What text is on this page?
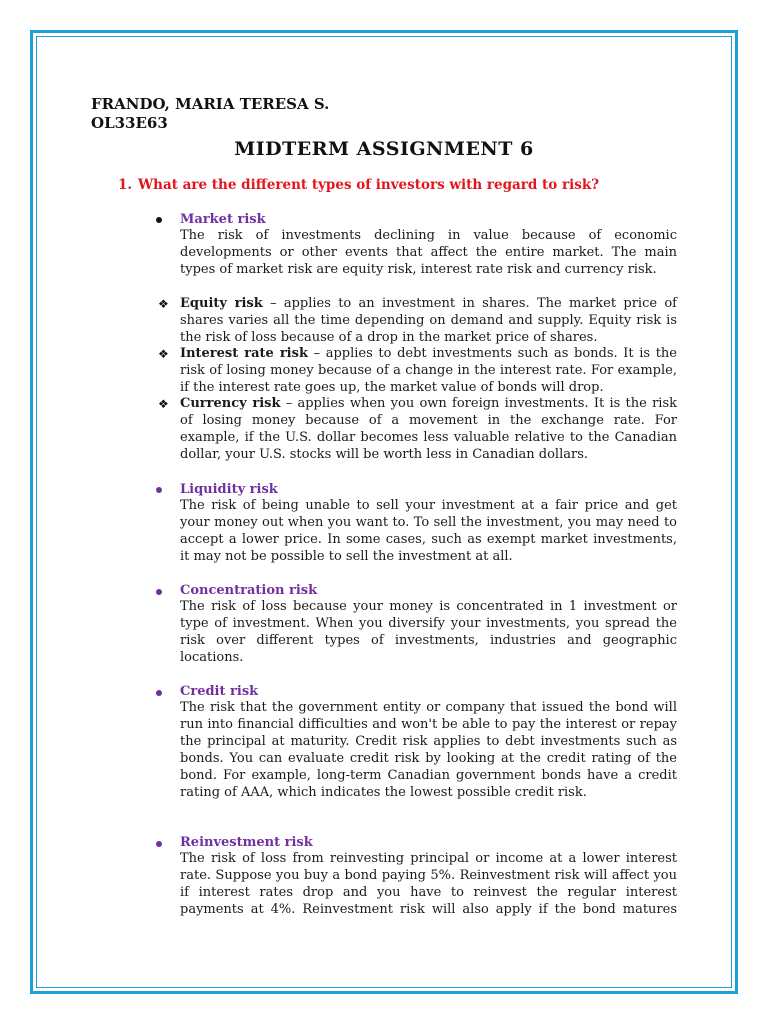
FRANDO, MARIA TERESA S.
OL33E63
MIDTERM ASSIGNMENT 6
1. What are the different types of investors with regard to risk?
Market risk
The risk of investments declining in value because of economic developments or other events that affect the entire market. The main types of market risk are equity risk, interest rate risk and currency risk.
❖ Equity risk – applies to an investment in shares. The market price of shares varies all the time depending on demand and supply. Equity risk is the risk of loss because of a drop in the market price of shares.
❖ Interest rate risk – applies to debt investments such as bonds. It is the risk of losing money because of a change in the interest rate. For example, if the interest rate goes up, the market value of bonds will drop.
❖ Currency risk – applies when you own foreign investments. It is the risk of losing money because of a movement in the exchange rate. For example, if the U.S. dollar becomes less valuable relative to the Canadian dollar, your U.S. stocks will be worth less in Canadian dollars.
Liquidity risk
The risk of being unable to sell your investment at a fair price and get your money out when you want to. To sell the investment, you may need to accept a lower price. In some cases, such as exempt market investments, it may not be possible to sell the investment at all.
Concentration risk
The risk of loss because your money is concentrated in 1 investment or type of investment. When you diversify your investments, you spread the risk over different types of investments, industries and geographic locations.
Credit risk
The risk that the government entity or company that issued the bond will run into financial difficulties and won't be able to pay the interest or repay the principal at maturity. Credit risk applies to debt investments such as bonds. You can evaluate credit risk by looking at the credit rating of the bond. For example, long-term Canadian government bonds have a credit rating of AAA, which indicates the lowest possible credit risk.
Reinvestment risk
The risk of loss from reinvesting principal or income at a lower interest rate. Suppose you buy a bond paying 5%. Reinvestment risk will affect you if interest rates drop and you have to reinvest the regular interest payments at 4%. Reinvestment risk will also apply if the bond matures
